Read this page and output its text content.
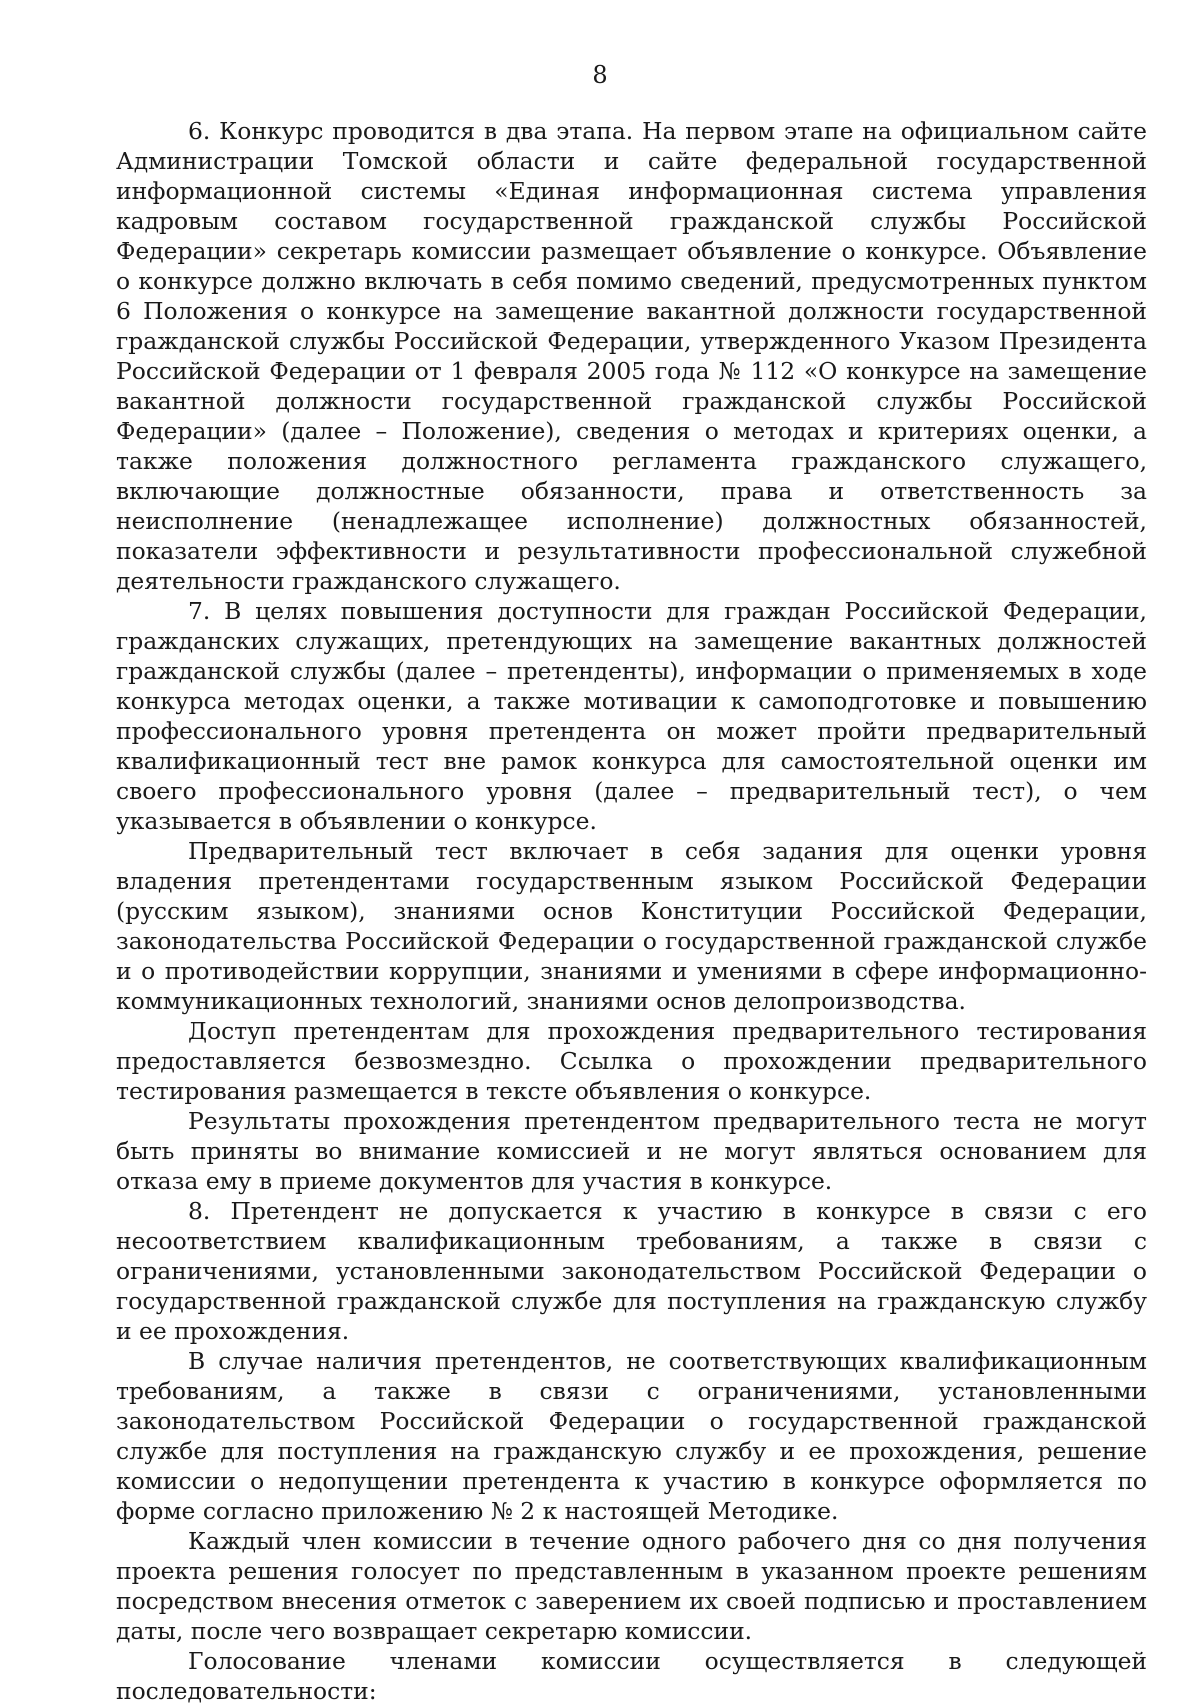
8

6. Конкурс проводится в два этапа. На первом этапе на официальном сайте Администрации Томской области и сайте федеральной государственной информационной системы «Единая информационная система управления кадровым составом государственной гражданской службы Российской Федерации» секретарь комиссии размещает объявление о конкурсе. Объявление о конкурсе должно включать в себя помимо сведений, предусмотренных пунктом 6 Положения о конкурсе на замещение вакантной должности государственной гражданской службы Российской Федерации, утвержденного Указом Президента Российской Федерации от 1 февраля 2005 года № 112 «О конкурсе на замещение вакантной должности государственной гражданской службы Российской Федерации» (далее – Положение), сведения о методах и критериях оценки, а также положения должностного регламента гражданского служащего, включающие должностные обязанности, права и ответственность за неисполнение (ненадлежащее исполнение) должностных обязанностей, показатели эффективности и результативности профессиональной служебной деятельности гражданского служащего.

7. В целях повышения доступности для граждан Российской Федерации, гражданских служащих, претендующих на замещение вакантных должностей гражданской службы (далее – претенденты), информации о применяемых в ходе конкурса методах оценки, а также мотивации к самоподготовке и повышению профессионального уровня претендента он может пройти предварительный квалификационный тест вне рамок конкурса для самостоятельной оценки им своего профессионального уровня (далее – предварительный тест), о чем указывается в объявлении о конкурсе.

Предварительный тест включает в себя задания для оценки уровня владения претендентами государственным языком Российской Федерации (русским языком), знаниями основ Конституции Российской Федерации, законодательства Российской Федерации о государственной гражданской службе и о противодействии коррупции, знаниями и умениями в сфере информационно-коммуникационных технологий, знаниями основ делопроизводства.

Доступ претендентам для прохождения предварительного тестирования предоставляется безвозмездно. Ссылка о прохождении предварительного тестирования размещается в тексте объявления о конкурсе.

Результаты прохождения претендентом предварительного теста не могут быть приняты во внимание комиссией и не могут являться основанием для отказа ему в приеме документов для участия в конкурсе.

8. Претендент не допускается к участию в конкурсе в связи с его несоответствием квалификационным требованиям, а также в связи с ограничениями, установленными законодательством Российской Федерации о государственной гражданской службе для поступления на гражданскую службу и ее прохождения.

В случае наличия претендентов, не соответствующих квалификационным требованиям, а также в связи с ограничениями, установленными законодательством Российской Федерации о государственной гражданской службе для поступления на гражданскую службу и ее прохождения, решение комиссии о недопущении претендента к участию в конкурсе оформляется по форме согласно приложению № 2 к настоящей Методике.

Каждый член комиссии в течение одного рабочего дня со дня получения проекта решения голосует по представленным в указанном проекте решениям посредством внесения отметок с заверением их своей подписью и проставлением даты, после чего возвращает секретарю комиссии.

Голосование членами комиссии осуществляется в следующей последовательности:
